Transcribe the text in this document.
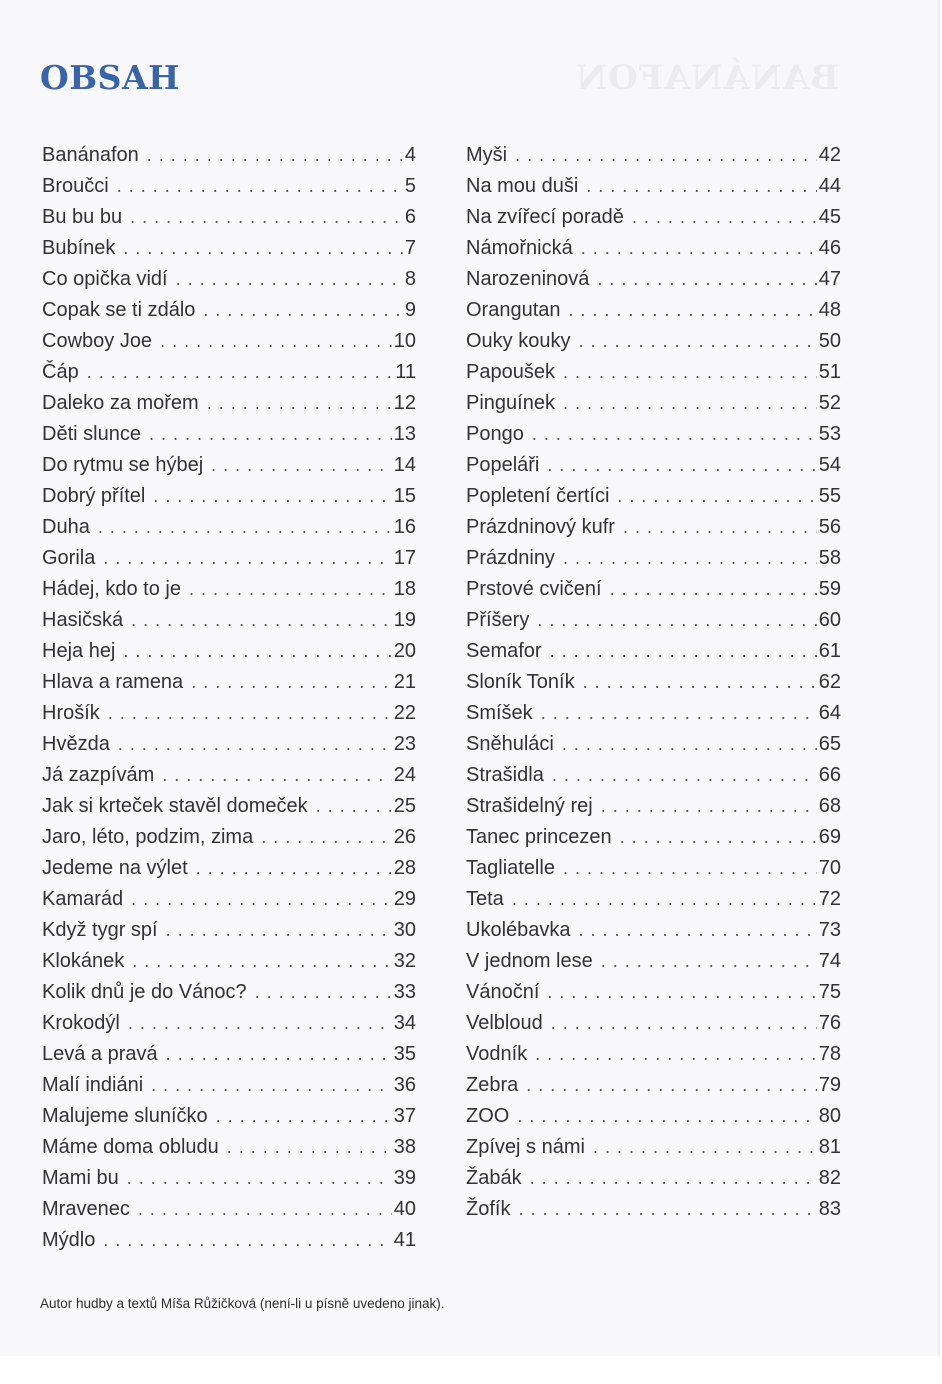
BANÁNAFON
OBSAH
Banánafon . . .	4
Broučci . . .	5
Bu bu bu . . .	6
Bubínek . . .	7
Co opička vidí . . .	8
Copak se ti zdálo . . .	9
Cowboy Joe . . .	10
Čáp . . .	11
Daleko za mořem . . .	12
Děti slunce . . .	13
Do rytmu se hýbej . . .	14
Dobrý přítel . . .	15
Duha . . .	16
Gorila . . .	17
Hádej, kdo to je . . .	18
Hasičská . . .	19
Heja hej . . .	20
Hlava a ramena . . .	21
Hrošík . . .	22
Hvězda . . .	23
Já zazpívám . . .	24
Jak si krteček stavěl domeček . . .	25
Jaro, léto, podzim, zima . . .	26
Jedeme na výlet . . .	28
Kamarád . . .	29
Když tygr spí . . .	30
Klokánek . . .	32
Kolik dnů je do Vánoc? . . .	33
Krokodýl . . .	34
Levá a pravá . . .	35
Malí indiáni . . .	36
Malujeme sluníčko . . .	37
Máme doma obludu . . .	38
Mami bu . . .	39
Mravenec . . .	40
Mýdlo . . .	41
Myši . . .	42
Na mou duši . . .	44
Na zvířecí poradě . . .	45
Námořnická . . .	46
Narozeninová . . .	47
Orangutan . . .	48
Ouky kouky . . .	50
Papoušek . . .	51
Pinguínek . . .	52
Pongo . . .	53
Popeláři . . .	54
Popletení čertíci . . .	55
Prázdninový kufr . . .	56
Prázdniny . . .	58
Prstové cvičení . . .	59
Příšery . . .	60
Semafor . . .	61
Sloník Toník . . .	62
Smíšek . . .	64
Sněhuláci . . .	65
Strašidla . . .	66
Strašidelný rej . . .	68
Tanec princezen . . .	69
Tagliatelle . . .	70
Teta . . .	72
Ukolébavka . . .	73
V jednom lese . . .	74
Vánoční . . .	75
Velbloud . . .	76
Vodník . . .	78
Zebra . . .	79
ZOO . . .	80
Zpívej s námi . . .	81
Žabák . . .	82
Žofík . . .	83
Autor hudby a textů Míša Růžičková (není-li u písně uvedeno jinak).
